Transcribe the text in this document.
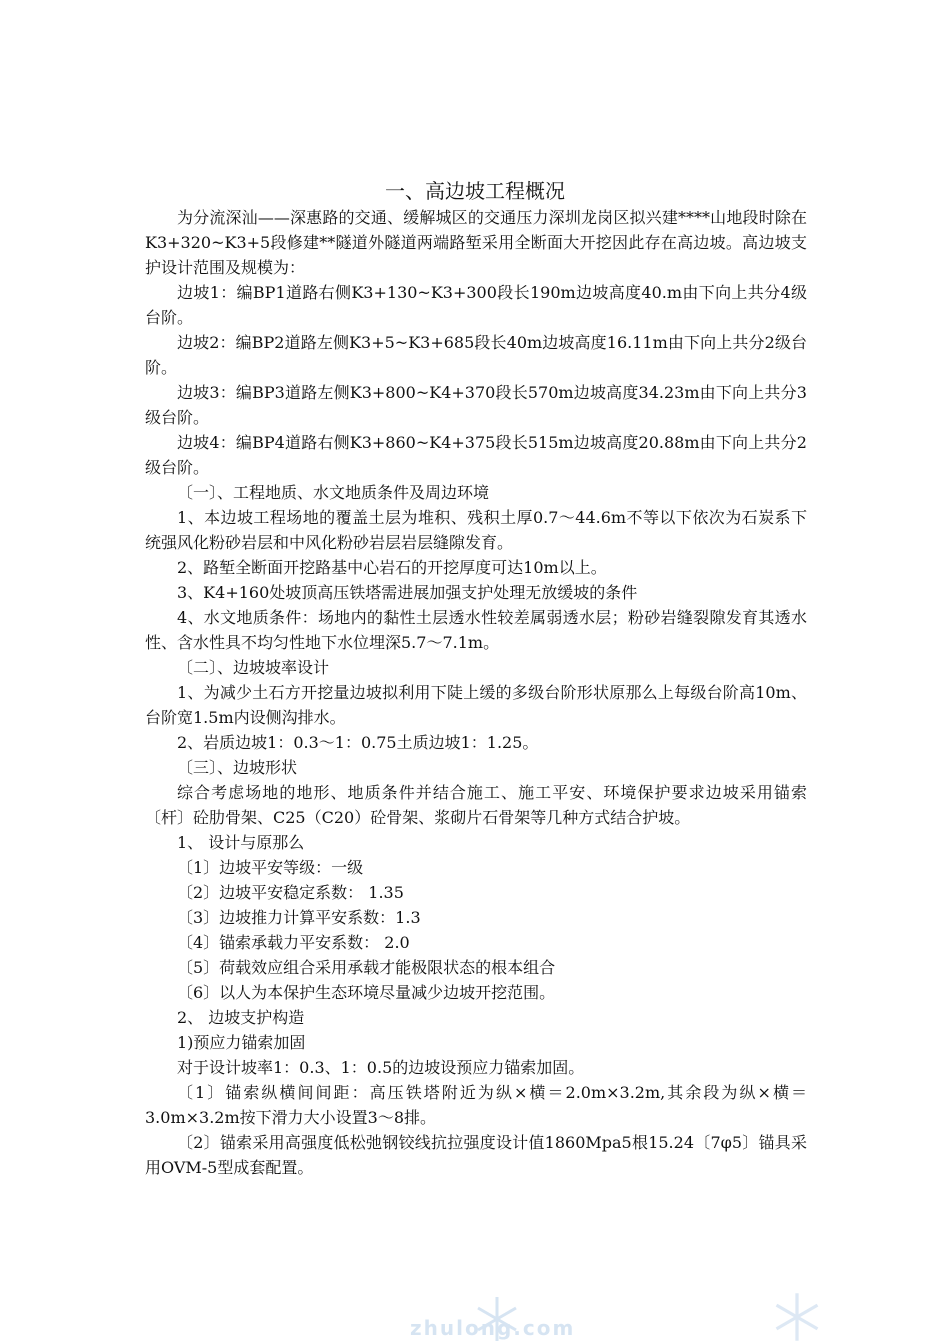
一、高边坡工程概况

为分流深汕——深惠路的交通、缓解城区的交通压力深圳龙岗区拟兴建****山地段时除在K3+320~K3+5段修建**隧道外隧道两端路堑采用全断面大开挖因此存在高边坡。高边坡支护设计范围及规模为：

边坡1：编BP1道路右侧K3+130~K3+300段长190m边坡高度40.m由下向上共分4级台阶。

边坡2：编BP2道路左侧K3+5~K3+685段长40m边坡高度16.11m由下向上共分2级台阶。

边坡3：编BP3道路左侧K3+800~K4+370段长570m边坡高度34.23m由下向上共分3级台阶。

边坡4：编BP4道路右侧K3+860~K4+375段长515m边坡高度20.88m由下向上共分2级台阶。

〔一〕、工程地质、水文地质条件及周边环境

1、本边坡工程场地的覆盖土层为堆积、残积土厚0.7～44.6m不等以下依次为石炭系下统强风化粉砂岩层和中风化粉砂岩层岩层缝隙发育。

2、路堑全断面开挖路基中心岩石的开挖厚度可达10m以上。

3、K4+160处坡顶高压铁塔需进展加强支护处理无放缓坡的条件

4、水文地质条件：场地内的黏性土层透水性较差属弱透水层；粉砂岩缝裂隙发育其透水性、含水性具不均匀性地下水位埋深5.7～7.1m。

〔二〕、边坡坡率设计

1、为减少土石方开挖量边坡拟利用下陡上缓的多级台阶形状原那么上每级台阶高10m、台阶宽1.5m内设侧沟排水。

2、岩质边坡1：0.3～1：0.75土质边坡1：1.25。

〔三〕、边坡形状

综合考虑场地的地形、地质条件并结合施工、施工平安、环境保护要求边坡采用锚索〔杆〕砼肋骨架、C25（C20）砼骨架、浆砌片石骨架等几种方式结合护坡。

1、 设计与原那么

〔1〕边坡平安等级：一级

〔2〕边坡平安稳定系数： 1.35

〔3〕边坡推力计算平安系数：1.3

〔4〕锚索承载力平安系数： 2.0

〔5〕荷载效应组合采用承载才能极限状态的根本组合

〔6〕以人为本保护生态环境尽量减少边坡开挖范围。

2、 边坡支护构造

1)预应力锚索加固

对于设计坡率1：0.3、1：0.5的边坡设预应力锚索加固。

〔1〕锚索纵横间间距：高压铁塔附近为纵×横＝2.0m×3.2m,其余段为纵×横＝3.0m×3.2m按下滑力大小设置3～8排。

〔2〕锚索采用高强度低松弛钢铰线抗拉强度设计值1860Mpa5根15.24〔7φ5〕锚具采用OVM-5型成套配置。

zhulong.com
